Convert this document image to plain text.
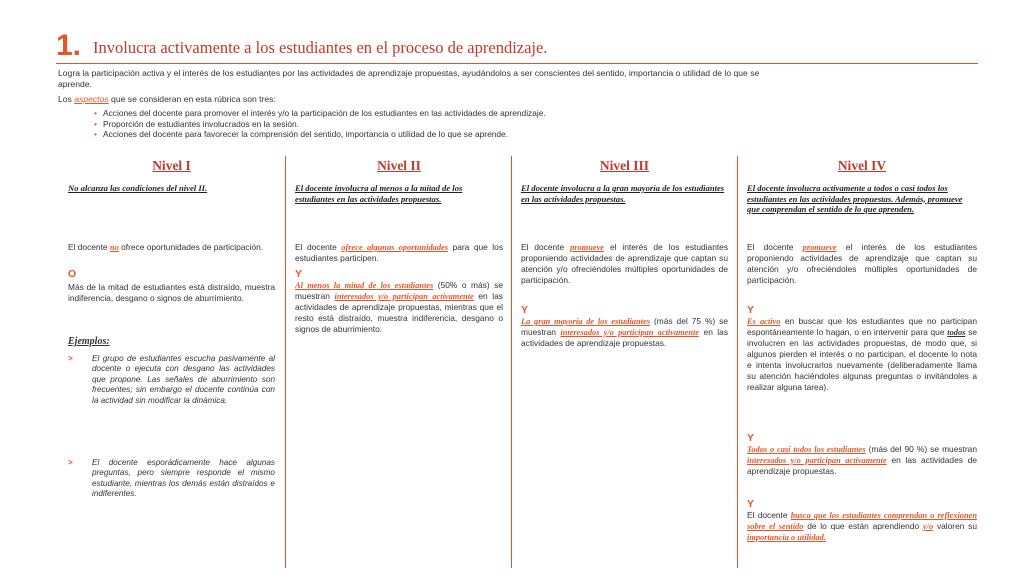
1. Involucra activamente a los estudiantes en el proceso de aprendizaje.

Logra la participación activa y el interés de los estudiantes por las actividades de aprendizaje propuestas, ayudándolos a ser conscientes del sentido, importancia o utilidad de lo que se

aprende.

Los aspectos que se consideran en esta rúbrica son tres:
• Acciones del docente para promover el interés y/o la participación de los estudiantes en las actividades de aprendizaje.
• Proporción de estudiantes involucrados en la sesión.
• Acciones del docente para favorecer la comprensión del sentido, importancia o utilidad de lo que se aprende.
Nivel I
No alcanza las condiciones del nivel II.
El docente no ofrece oportunidades de participación.
O
Más de la mitad de estudiantes está distraído, muestra indiferencia, desgano o signos de aburrimiento.
Ejemplos:
> El grupo de estudiantes escucha pasivamente al docente o ejecuta con desgano las actividades que propone. Las señales de aburrimiento son frecuentes; sin embargo el docente continúa con la actividad sin modificar la dinámica.
> El docente esporádicamente hace algunas preguntas, pero siempre responde el mismo estudiante, mientras los demás están distraídos e indiferentes.
Nivel II
El docente involucra al menos a la mitad de los estudiantes en las actividades propuestas.
El docente ofrece algunas oportunidades para que los estudiantes participen.
Y
Al menos la mitad de los estudiantes (50% o más) se muestran interesados y/o participan activamente en las actividades de aprendizaje propuestas, mientras que el resto está distraído, muestra indiferencia, desgano o signos de aburrimiento.
Nivel III
El docente involucra a la gran mayoría de los estudiantes en las actividades propuestas.
El docente promueve el interés de los estudiantes proponiendo actividades de aprendizaje que captan su atención y/o ofreciéndoles múltiples oportunidades de participación.
Y
La gran mayoría de los estudiantes (más del 75 %) se muestran interesados y/o participan activamente en las actividades de aprendizaje propuestas.
Nivel IV
El docente involucra activamente a todos o casi todos los estudiantes en las actividades propuestas. Además, promueve que comprendan el sentido de lo que aprenden.
El docente promueve el interés de los estudiantes proponiendo actividades de aprendizaje que captan su atención y/o ofreciéndoles múltiples oportunidades de participación.
Y
Es activo en buscar que los estudiantes que no participan espontáneamente lo hagan, o en intervenir para que todos se involucren en las actividades propuestas, de modo que, si algunos pierden el interés o no participan, el docente lo nota e intenta involucrarlos nuevamente (deliberadamente llama su atención haciéndoles algunas preguntas o invitándoles a realizar alguna tarea).
Y
Todos o casi todos los estudiantes (más del 90 %) se muestran interesados y/o participan activamente en las actividades de aprendizaje propuestas.
Y
El docente busca que los estudiantes comprendan o reflexionen sobre el sentido de lo que están aprendiendo y/o valoren su importancia o utilidad.
